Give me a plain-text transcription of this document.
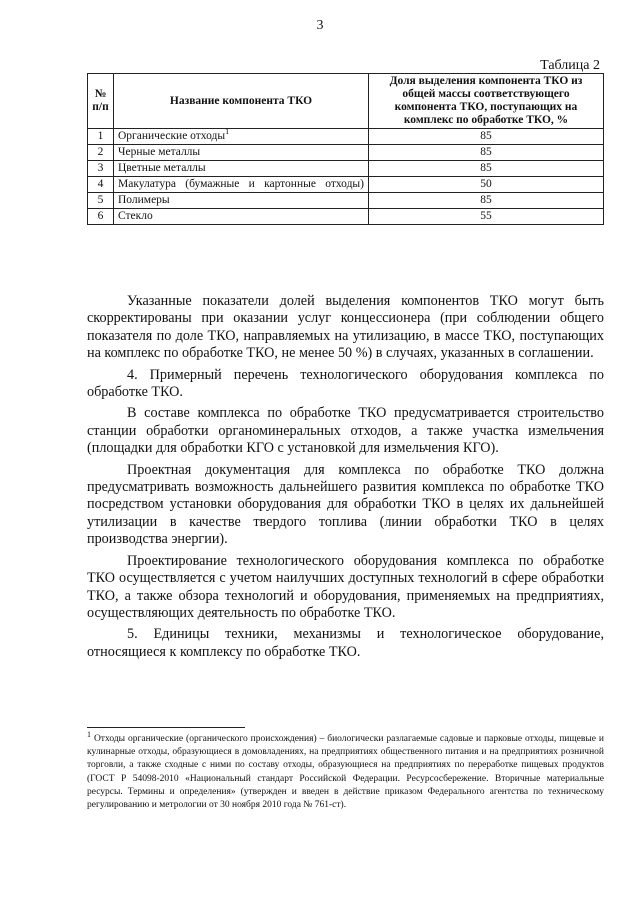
3
Таблица 2
№ п/п	Название компонента ТКО	Доля выделения компонента ТКО из общей массы соответствующего компонента ТКО, поступающих на комплекс по обработке ТКО, %
1	Органические отходы$^1$	85
2	Черные металлы	85
3	Цветные металлы	85
4	Макулатура (бумажные и картонные отходы)	50
5	Полимеры	85
6	Стекло	55

Указанные показатели долей выделения компонентов ТКО могут быть скорректированы при оказании услуг концессионера (при соблюдении общего показателя по доле ТКО, направляемых на утилизацию, в массе ТКО, поступающих на комплекс по обработке ТКО, не менее 50 %) в случаях, указанных в соглашении.

4. Примерный перечень технологического оборудования комплекса по обработке ТКО.

В составе комплекса по обработке ТКО предусматривается строительство станции обработки органоминеральных отходов, а также участка измельчения (площадки для обработки КГО с установкой для измельчения КГО).

Проектная документация для комплекса по обработке ТКО должна предусматривать возможность дальнейшего развития комплекса по обработке ТКО посредством установки оборудования для обработки ТКО в целях их дальнейшей утилизации в качестве твердого топлива (линии обработки ТКО в целях производства энергии).

Проектирование технологического оборудования комплекса по обработке ТКО осуществляется с учетом наилучших доступных технологий в сфере обработки ТКО, а также обзора технологий и оборудования, применяемых на предприятиях, осуществляющих деятельность по обработке ТКО.

5. Единицы техники, механизмы и технологическое оборудование, относящиеся к комплексу по обработке ТКО.

$^1$ Отходы органические (органического происхождения) – биологически разлагаемые садовые и парковые отходы, пищевые и кулинарные отходы, образующиеся в домовладениях, на предприятиях общественного питания и на предприятиях розничной торговли, а также сходные с ними по составу отходы, образующиеся на предприятиях по переработке пищевых продуктов (ГОСТ Р 54098-2010 «Национальный стандарт Российской Федерации. Ресурсосбережение. Вторичные материальные ресурсы. Термины и определения» (утвержден и введен в действие приказом Федерального агентства по техническому регулированию и метрологии от 30 ноября 2010 года № 761-ст).
